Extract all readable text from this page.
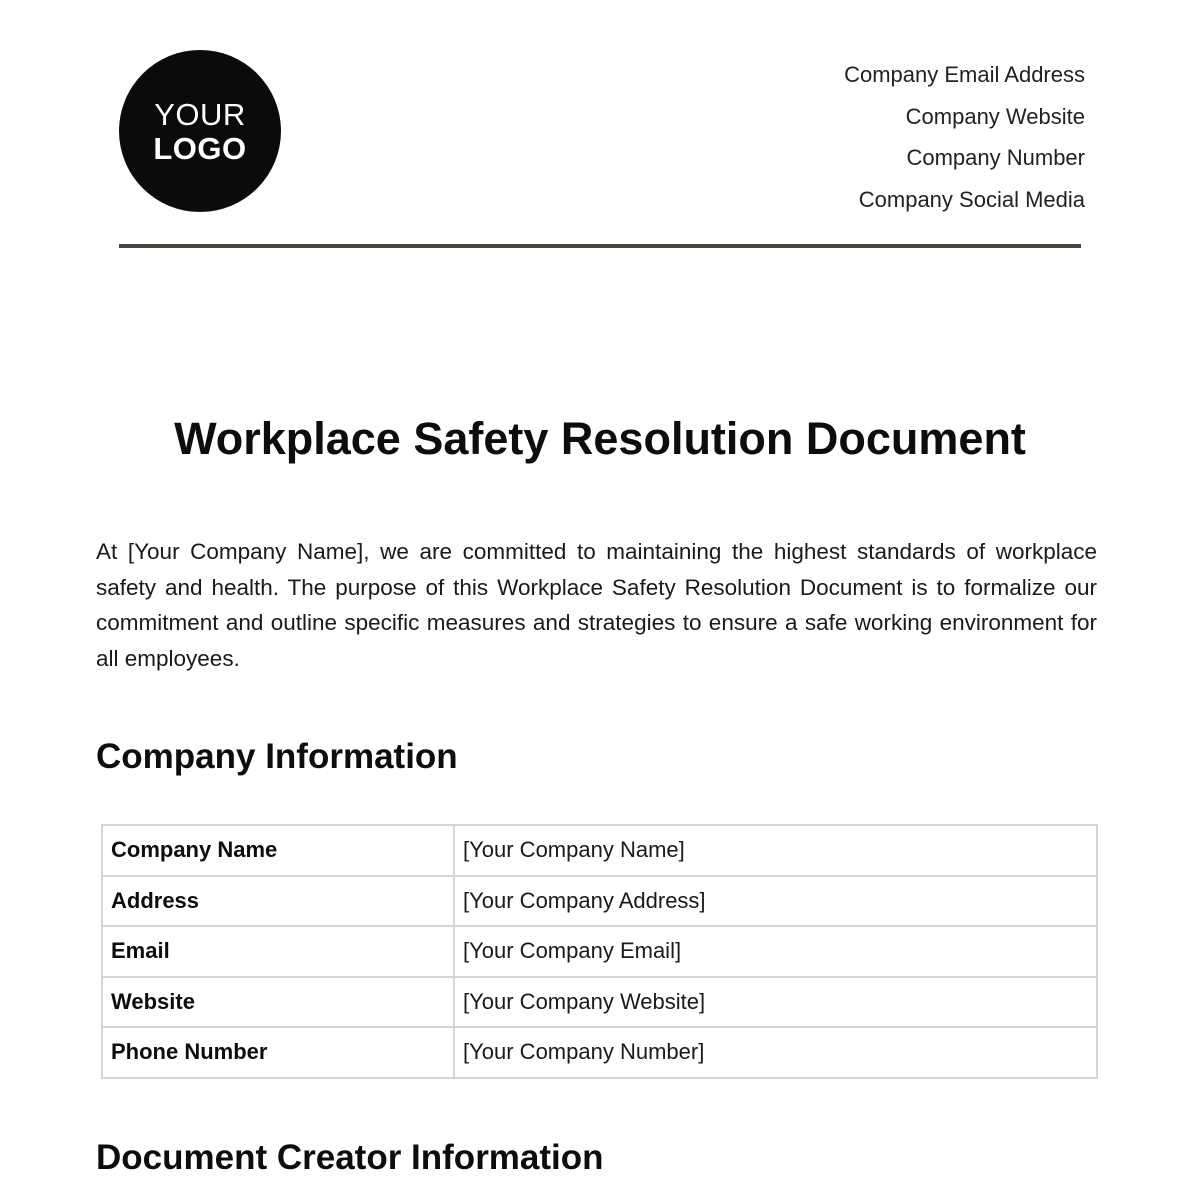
YOUR
LOGO
Company Email Address
Company Website
Company Number
Company Social Media
Workplace Safety Resolution Document

At [Your Company Name], we are committed to maintaining the highest standards of workplace safety and health. The purpose of this Workplace Safety Resolution Document is to formalize our commitment and outline specific measures and strategies to ensure a safe working environment for all employees.

Company Information
Company Name	[Your Company Name]
Address	[Your Company Address]
Email	[Your Company Email]
Website	[Your Company Website]
Phone Number	[Your Company Number]
Document Creator Information
